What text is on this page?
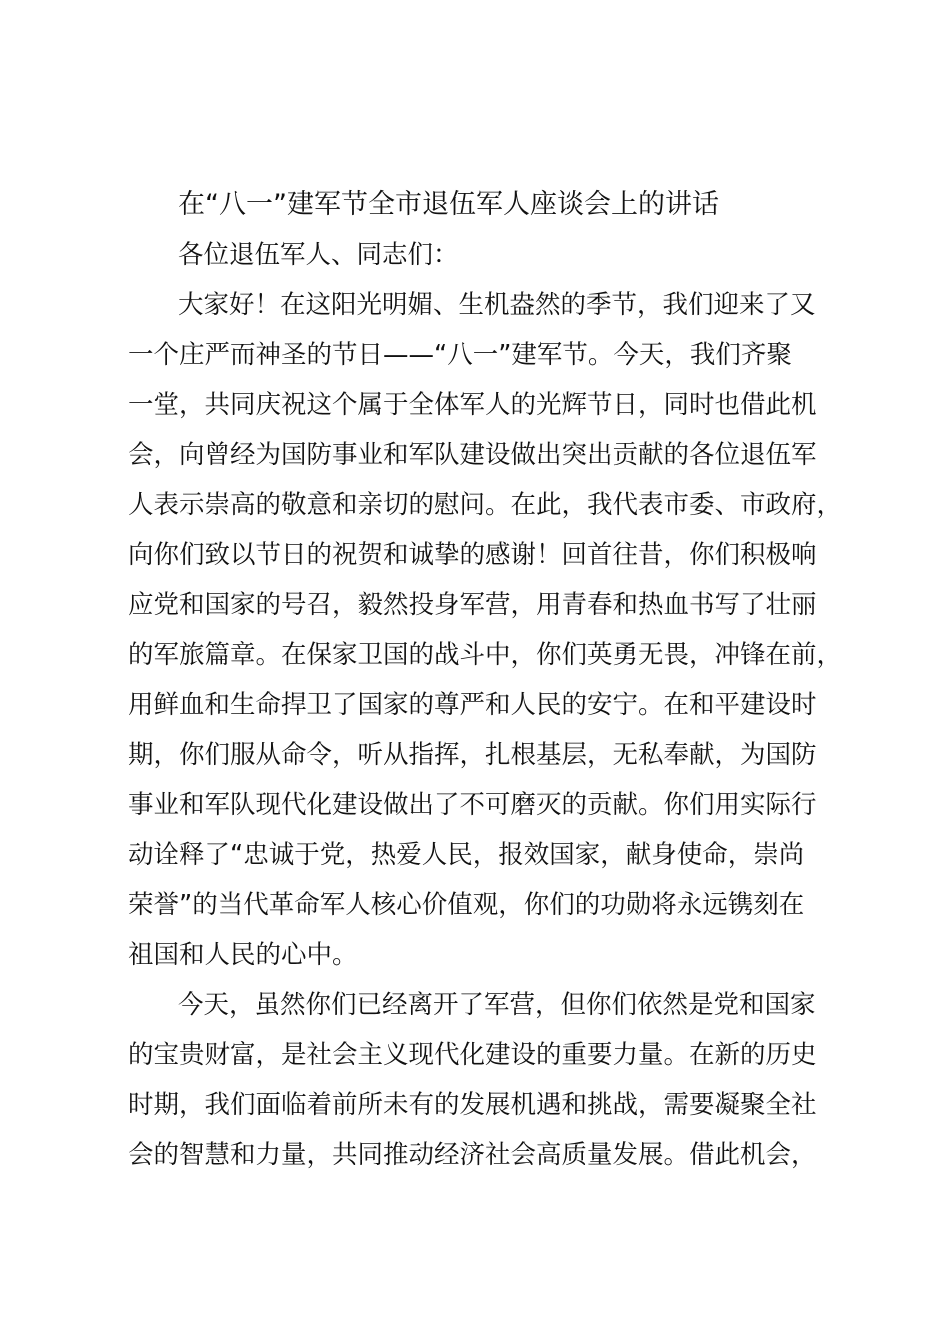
在“八一”建军节全市退伍军人座谈会上的讲话

各位退伍军人、同志们：

大家好！在这阳光明媚、生机盎然的季节，我们迎来了又
一个庄严而神圣的节日——“八一”建军节。今天，我们齐聚
一堂，共同庆祝这个属于全体军人的光辉节日，同时也借此机
会，向曾经为国防事业和军队建设做出突出贡献的各位退伍军
人表示崇高的敬意和亲切的慰问。在此，我代表市委、市政府，
向你们致以节日的祝贺和诚挚的感谢！回首往昔，你们积极响
应党和国家的号召，毅然投身军营，用青春和热血书写了壮丽
的军旅篇章。在保家卫国的战斗中，你们英勇无畏，冲锋在前，
用鲜血和生命捍卫了国家的尊严和人民的安宁。在和平建设时
期，你们服从命令，听从指挥，扎根基层，无私奉献，为国防
事业和军队现代化建设做出了不可磨灭的贡献。你们用实际行
动诠释了“忠诚于党，热爱人民，报效国家，献身使命，崇尚
荣誉”的当代革命军人核心价值观，你们的功勋将永远镌刻在
祖国和人民的心中。
今天，虽然你们已经离开了军营，但你们依然是党和国家
的宝贵财富，是社会主义现代化建设的重要力量。在新的历史
时期，我们面临着前所未有的发展机遇和挑战，需要凝聚全社
会的智慧和力量，共同推动经济社会高质量发展。借此机会，
